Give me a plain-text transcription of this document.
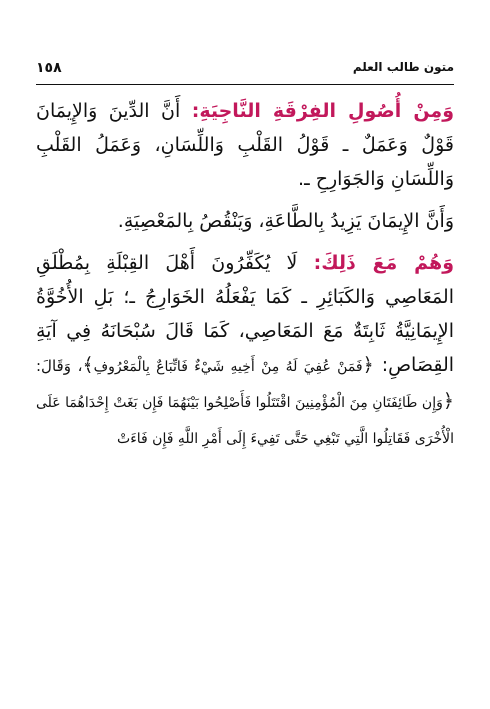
١٥٨	متون طالب العلم

وَمِنْ أُصُولِ الفِرْقَةِ النَّاجِيَةِ: أَنَّ الدِّينَ وَالإِيمَانَ قَوْلٌ وَعَمَلٌ ـ قَوْلُ القَلْبِ وَاللِّسَانِ، وَعَمَلُ القَلْبِ وَاللِّسَانِ وَالجَوَارِحِ ـ.

وَأَنَّ الإِيمَانَ يَزِيدُ بِالطَّاعَةِ، وَيَنْقُصُ بِالمَعْصِيَةِ.

وَهُمْ مَعَ ذَلِكَ: لَا يُكَفِّرُونَ أَهْلَ القِبْلَةِ بِمُطْلَقِ المَعَاصِي وَالكَبَائِرِ ـ كَمَا يَفْعَلُهُ الخَوَارِجُ ـ؛ بَلِ الأُخُوَّةُ الإِيمَانِيَّةُ ثَابِتَةٌ مَعَ المَعَاصِي، كَمَا قَالَ سُبْحَانَهُ فِي آيَةِ القِصَاصِ: ﴿فَمَنْ عُفِيَ لَهُ مِنْ أَخِيهِ شَيْءٌ فَاتِّبَاعٌ بِالْمَعْرُوفِ﴾، وَقَالَ: ﴿وَإِن طَائِفَتَانِ مِنَ الْمُؤْمِنِينَ اقْتَتَلُوا فَأَصْلِحُوا بَيْنَهُمَا فَإِن بَغَتْ إِحْدَاهُمَا عَلَى الْأُخْرَى فَقَاتِلُوا الَّتِي تَبْغِي حَتَّى تَفِيءَ إِلَى أَمْرِ اللَّهِ فَإِن فَاءَتْ
